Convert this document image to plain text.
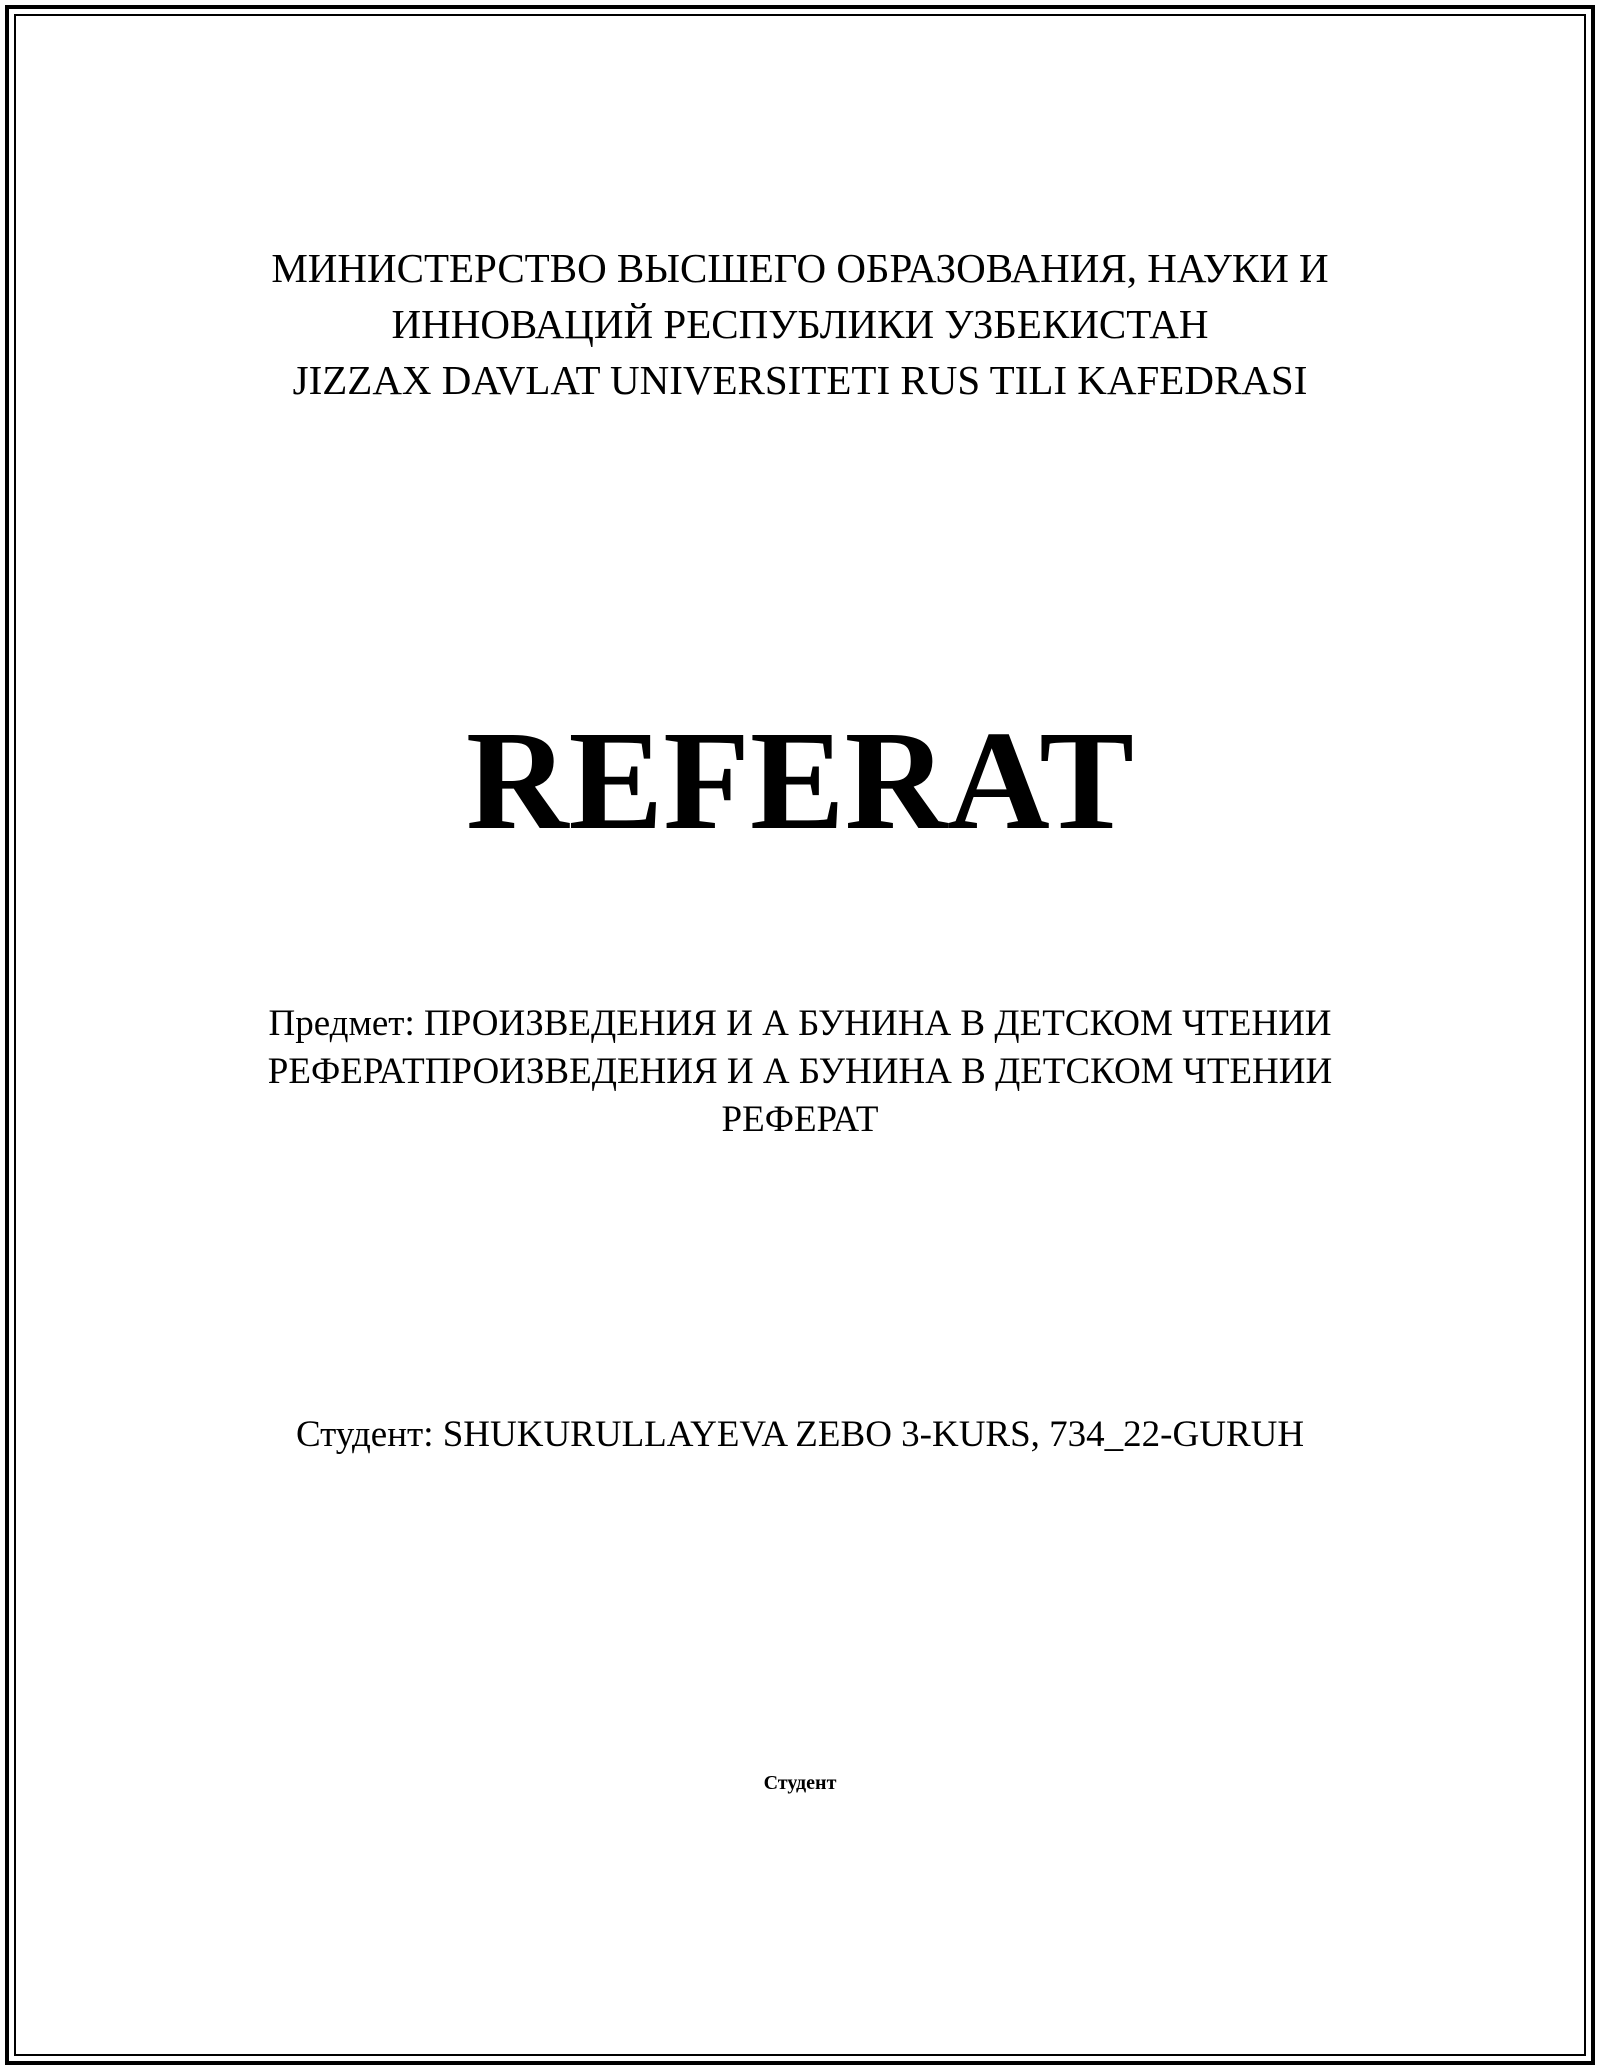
МИНИСТЕРСТВО ВЫСШЕГО ОБРАЗОВАНИЯ, НАУКИ И
ИННОВАЦИЙ РЕСПУБЛИКИ УЗБЕКИСТАН
JIZZAX DAVLAT UNIVERSITETI RUS TILI KAFEDRASI
REFERAT
Предмет: ПРОИЗВЕДЕНИЯ И А БУНИНА В ДЕТСКОМ ЧТЕНИИ
РЕФЕРАТПРОИЗВЕДЕНИЯ И А БУНИНА В ДЕТСКОМ ЧТЕНИИ
РЕФЕРАТ
Студент: SHUKURULLAYEVA ZEBO 3-KURS, 734_22-GURUH
Студент
